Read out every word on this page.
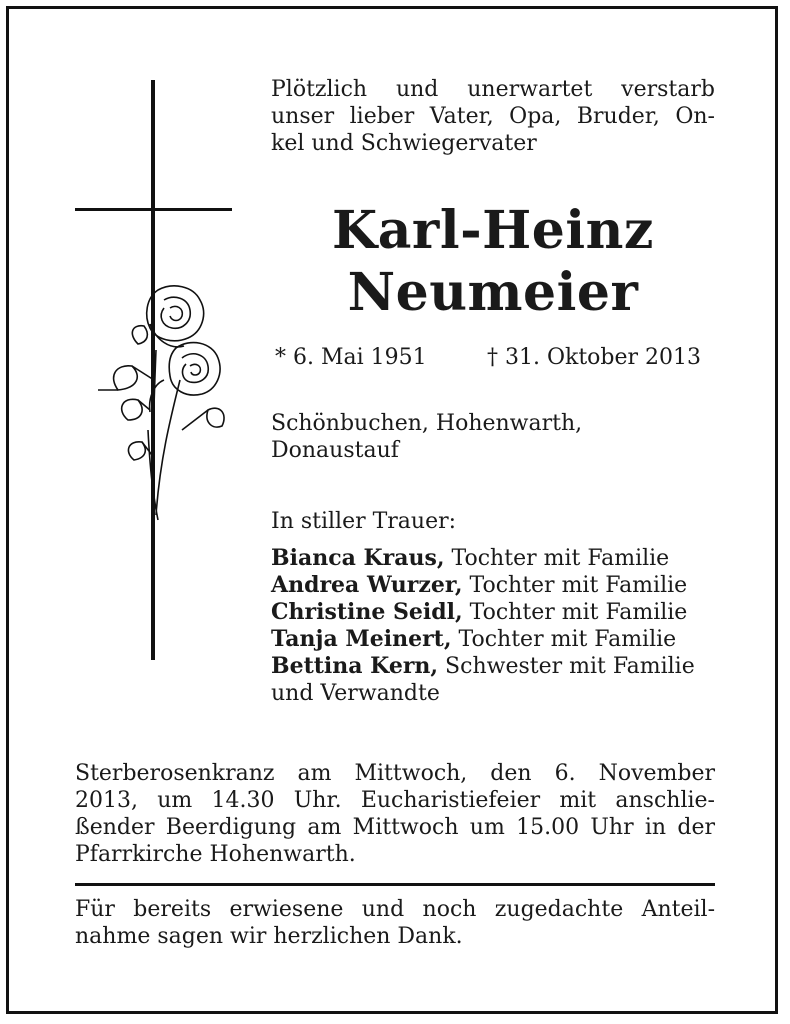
Plötzlich und unerwartet verstarb
unser lieber Vater, Opa, Bruder, On-
kel und Schwiegervater
Karl-Heinz
Neumeier
* 6. Mai 1951	† 31. Oktober 2013
Schönbuchen, Hohenwarth,
Donaustauf
In stiller Trauer:
Bianca Kraus, Tochter mit Familie
Andrea Wurzer, Tochter mit Familie
Christine Seidl, Tochter mit Familie
Tanja Meinert, Tochter mit Familie
Bettina Kern, Schwester mit Familie
und Verwandte
Sterberosenkranz am Mittwoch, den 6. November
2013, um 14.30 Uhr. Eucharistiefeier mit anschlie-
ßender Beerdigung am Mittwoch um 15.00 Uhr in der
Pfarrkirche Hohenwarth.
Für bereits erwiesene und noch zugedachte Anteil-
nahme sagen wir herzlichen Dank.
